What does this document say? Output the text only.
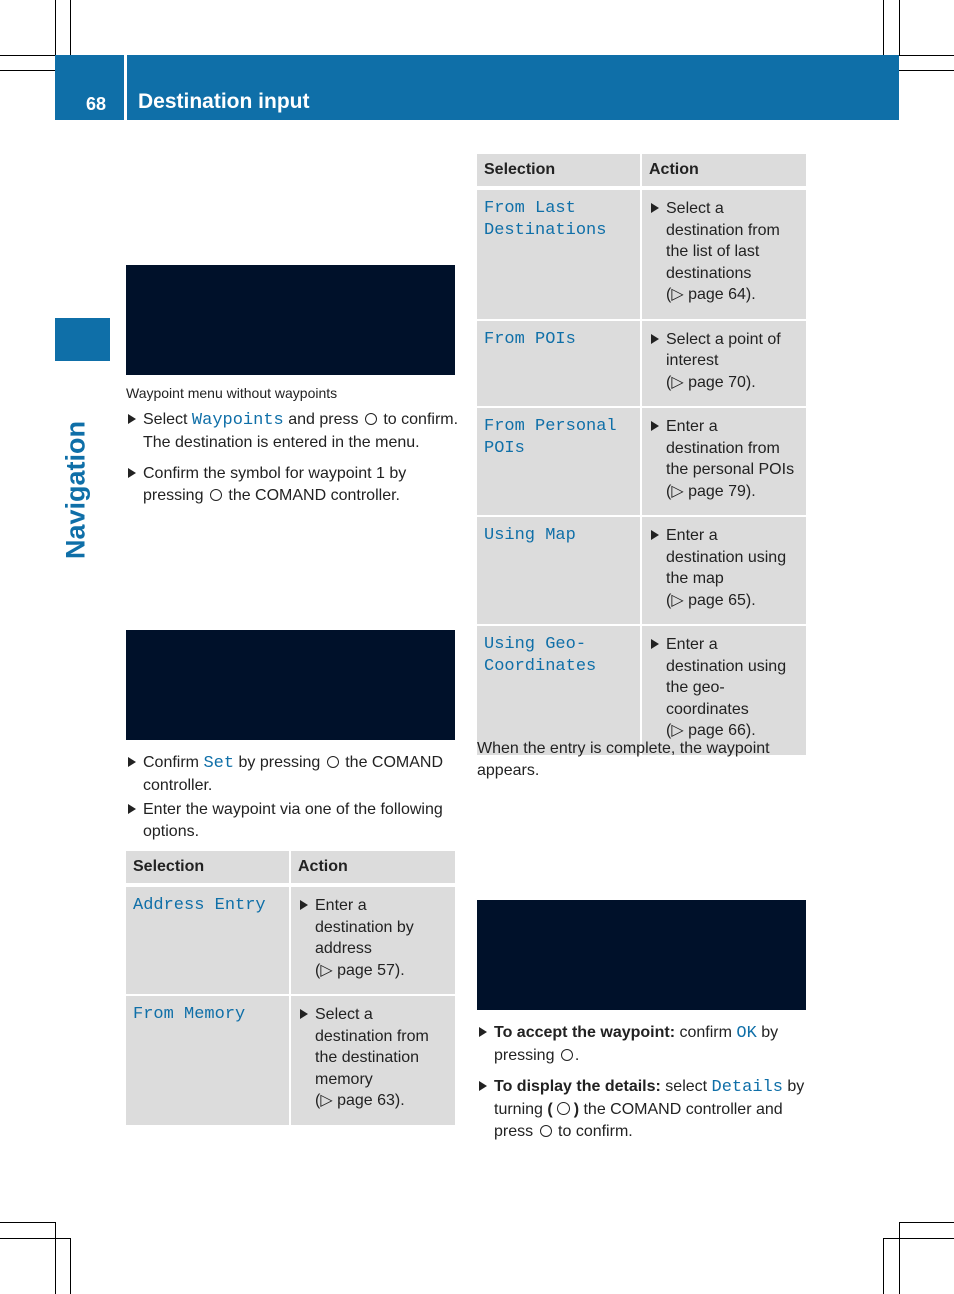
68 Destination input
Navigation
Waypoint menu without waypoints
Select Waypoints and press  to confirm.
The destination is entered in the menu.
Confirm the symbol for waypoint 1 by
pressing  the COMAND controller.
Confirm Set by pressing  the COMAND
controller.
Enter the waypoint via one of the following
options.
Selection	Action

Address Entry	Enter a
destination by
address
(▷ page 57).

From Memory	Select a
destination from
the destination
memory
(▷ page 63).
Selection	Action

From Last
Destinations	Select a
destination from
the list of last
destinations
(▷ page 64).

From POIs	Select a point of
interest
(▷ page 70).

From Personal
POIs	Enter a
destination from
the personal POIs
(▷ page 79).

Using Map	Enter a
destination using
the map
(▷ page 65).

Using Geo-
Coordinates	Enter a
destination using
the geo-
coordinates
(▷ page 66).
When the entry is complete, the waypoint
appears.
To accept the waypoint: confirm OK by
pressing .
To display the details: select Details by
turning ( ) the COMAND controller and
press  to confirm.
